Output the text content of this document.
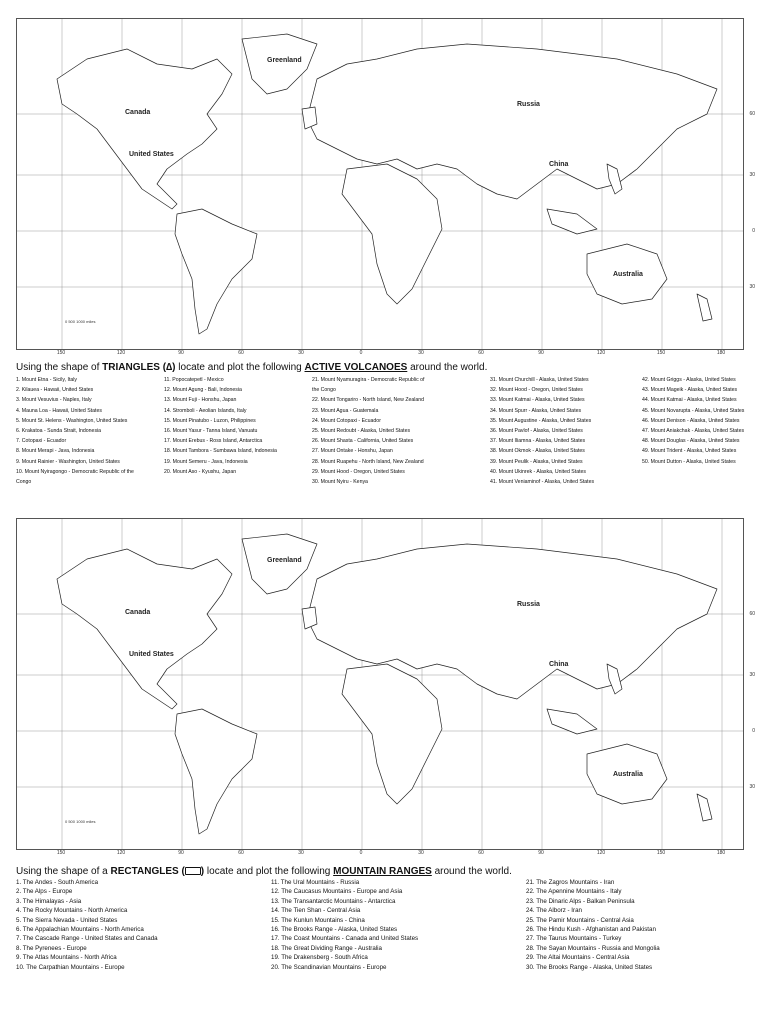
Greenland
Canada
United States
Russia
China
Australia
0 500 1000 miles
60
30
0
30
150	120	90	60	30	0	30	60	90	120	150	180
Using the shape of TRIANGLES (∆) locate and plot the following ACTIVE VOLCANOES around the world.
1. Mount Etna - Sicily, Italy
2. Kilauea - Hawaii, United States
3. Mount Vesuvius - Naples, Italy
4. Mauna Loa - Hawaii, United States
5. Mount St. Helens - Washington, United States
6. Krakatoa - Sunda Strait, Indonesia
7. Cotopaxi - Ecuador
8. Mount Merapi - Java, Indonesia
9. Mount Rainier - Washington, United States
10. Mount Nyiragongo - Democratic Republic of the
Congo
11. Popocatepetl - Mexico
12. Mount Agung - Bali, Indonesia
13. Mount Fuji - Honshu, Japan
14. Stromboli - Aeolian Islands, Italy
15. Mount Pinatubo - Luzon, Philippines
16. Mount Yasur - Tanna Island, Vanuatu
17. Mount Erebus - Ross Island, Antarctica
18. Mount Tambora - Sumbawa Island, Indonesia
19. Mount Semeru - Java, Indonesia
20. Mount Aso - Kyushu, Japan
21. Mount Nyamuragira - Democratic Republic of
the Congo
22. Mount Tongariro - North Island, New Zealand
23. Mount Agua - Guatemala
24. Mount Cotopaxi - Ecuador
25. Mount Redoubt - Alaska, United States
26. Mount Shasta - California, United States
27. Mount Ontake - Honshu, Japan
28. Mount Ruapehu - North Island, New Zealand
29. Mount Hood - Oregon, United States
30. Mount Nyiru - Kenya
31. Mount Churchill - Alaska, United States
32. Mount Hood - Oregon, United States
33. Mount Katmai - Alaska, United States
34. Mount Spurr - Alaska, United States
35. Mount Augustine - Alaska, United States
36. Mount Pavlof - Alaska, United States
37. Mount Iliamna - Alaska, United States
38. Mount Okmok - Alaska, United States
39. Mount Peulik - Alaska, United States
40. Mount Ukinrek - Alaska, United States
41. Mount Veniaminof - Alaska, United States
42. Mount Griggs - Alaska, United States
43. Mount Mageik - Alaska, United States
44. Mount Katmai - Alaska, United States
45. Mount Novarupta - Alaska, United States
46. Mount Denison - Alaska, United States
47. Mount Aniakchak - Alaska, United States
48. Mount Douglas - Alaska, United States
49. Mount Trident - Alaska, United States
50. Mount Dutton - Alaska, United States
Greenland
Canada
United States
Russia
China
Australia
0 500 1000 miles
60
30
0
30
150	120	90	60	30	0	30	60	90	120	150	180
Using the shape of a RECTANGLES ( ) locate and plot the following MOUNTAIN RANGES around the world.
1. The Andes - South America
2. The Alps - Europe
3. The Himalayas - Asia
4. The Rocky Mountains - North America
5. The Sierra Nevada - United States
6. The Appalachian Mountains - North America
7. The Cascade Range - United States and Canada
8. The Pyrenees - Europe
9. The Atlas Mountains - North Africa
10. The Carpathian Mountains - Europe
11. The Ural Mountains - Russia
12. The Caucasus Mountains - Europe and Asia
13. The Transantarctic Mountains - Antarctica
14. The Tien Shan - Central Asia
15. The Kunlun Mountains - China
16. The Brooks Range - Alaska, United States
17. The Coast Mountains - Canada and United States
18. The Great Dividing Range - Australia
19. The Drakensberg - South Africa
20. The Scandinavian Mountains - Europe
21. The Zagros Mountains - Iran
22. The Apennine Mountains - Italy
23. The Dinaric Alps - Balkan Peninsula
24. The Alborz - Iran
25. The Pamir Mountains - Central Asia
26. The Hindu Kush - Afghanistan and Pakistan
27. The Taurus Mountains - Turkey
28. The Sayan Mountains - Russia and Mongolia
29. The Altai Mountains - Central Asia
30. The Brooks Range - Alaska, United States
